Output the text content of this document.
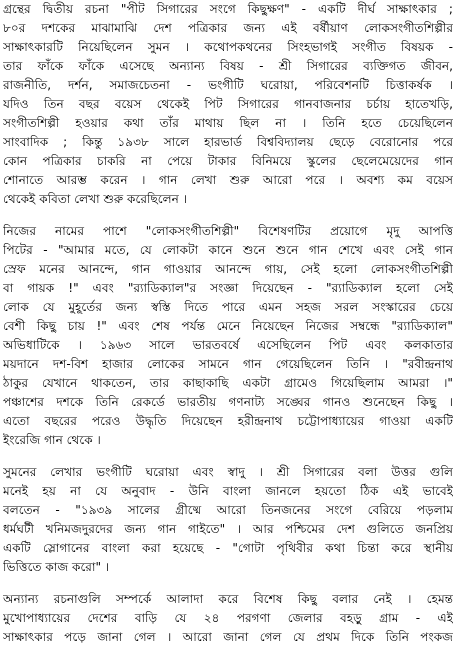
গ্রন্থের দ্বিতীয় রচনা "পীট সিগারের সংগে কিছুক্ষণ" - একটি দীর্ঘ সাক্ষাৎকার ;
৮০র দশকের মাঝামাঝি দেশ পত্রিকার জন্য এই বর্ষীয়াণ লোকসংগীতশিল্পীর
সাক্ষাৎকারটি নিয়েছিলেন সুমন । কথোপকথনের সিংহভাগই সংগীত বিষয়ক -
তার ফাঁকে ফাঁকে এসেছে অন্যান্য বিষয় - শ্রী সিগারের ব্যক্তিগত জীবন,
রাজনীতি, দর্শন, সমাজচেতনা - ভংগীটি ঘরোয়া, পরিবেশনটি চিত্তাকর্ষক ।
যদিও তিন বছর বয়েস থেকেই পিট সিগারের গানবাজনার চর্চায় হাতেখড়ি,
সংগীতশিল্পী হওয়ার কথা তাঁর মাথায় ছিল না । তিনি হতে চেয়েছিলেন
সাংবাদিক ; কিন্তু ১৯৩৮ সালে হারভার্ড বিশ্ববিদ্যালয় ছেড়ে বেরোনোর পরে
কোন পত্রিকার চাকরি না পেয়ে টাকার বিনিময়ে স্কুলের ছেলেমেয়েদের গান
শোনাতে আরম্ভ করেন । গান লেখা শুরু আরো পরে । অবশ্য কম বয়েস
থেকেই কবিতা লেখা শুরু করেছিলেন ।
নিজের নামের পাশে "লোকসংগীতশিল্পী" বিশেষণটির প্রয়োগে মৃদু আপত্তি
পিটের - "আমার মতে, যে লোকটা কানে শুনে শুনে গান শেখে এবং সেই গান
স্রেফ মনের আনন্দে, গান গাওয়ার আনন্দে গায়, সেই হলো লোকসংগীতশিল্পী
বা গায়ক !" এবং "র‍্যাডিক্যাল"র সংজ্ঞা দিয়েছেন - "র‍্যাডিক্যাল হলো সেই
লোক যে মুহূর্তের জন্য স্বস্তি দিতে পারে এমন সহজ সরল সংস্কারের চেয়ে
বেশী কিছু চায় !" এবং শেষ পর্যন্ত মেনে নিয়েছেন নিজের সম্বন্ধে "র‍্যাডিক্যাল"
অভিধাটিকে । ১৯৬৩ সালে ভারতবর্ষে এসেছিলেন পিট এবং কলকাতার
ময়দানে দশ-বিশ হাজার লোকের সামনে গান গেয়েছিলেন তিনি । "রবীন্দ্রনাথ
ঠাকুর যেখানে থাকতেন, তার কাছাকাছি একটা গ্রামেও গিয়েছিলাম আমরা ।"
পঞ্চাশের দশকে তিনি রেকর্ডে ভারতীয় গণনাট্য সঙ্ঘের গানও শুনেছেন কিছু ।
এতো বছরের পরেও উদ্ধৃতি দিয়েছেন হরীন্দ্রনাথ চট্টোপাধ্যায়ের গাওয়া একটি
ইংরেজি গান থেকে ।
সুমনের লেখার ভংগীটি ঘরোয়া এবং স্বাদু । শ্রী সিগারের বলা উত্তর গুলি
মনেই হয় না যে অনুবাদ - উনি বাংলা জানলে হয়তো ঠিক এই ভাবেই
বলতেন - "১৯৩৯ সালের গ্রীষ্মে আরো তিনজনের সংগে বেরিয়ে পড়লাম
ধর্মঘটী খনিমজদুরদের জন্য গান গাইতে" । আর পশ্চিমের দেশ গুলিতে জনপ্রিয়
একটি স্লোগানের বাংলা করা হয়েছে - "গোটা পৃথিবীর কথা চিন্তা করে স্থানীয়
ভিত্তিতে কাজ করো" ।
অন্যান্য রচনাগুলি সম্পর্কে আলাদা করে বিশেষ কিছু বলার নেই । হেমন্ত
মুখোপাধ্যায়ের দেশের বাড়ি যে ২৪ পরগণা জেলার বহড়ু গ্রাম - এই
সাক্ষাৎকার পড়ে জানা গেল । আরো জানা গেল যে প্রথম দিকে তিনি পংকজ
